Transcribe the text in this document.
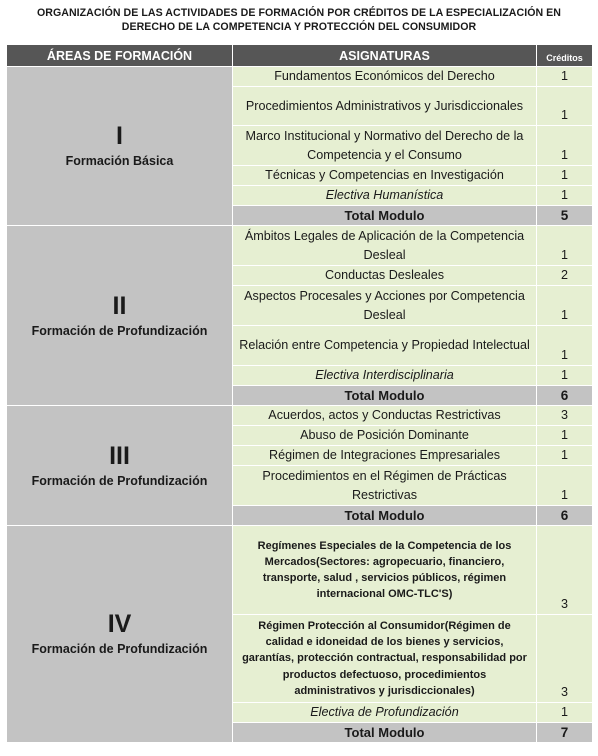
ORGANIZACIÓN DE LAS ACTIVIDADES DE FORMACIÓN POR CRÉDITOS DE LA ESPECIALIZACIÓN EN
DERECHO DE LA COMPETENCIA Y PROTECCIÓN DEL CONSUMIDOR
ÁREAS DE FORMACIÓN	ASIGNATURAS	Créditos

I
Formación Básica	Fundamentos Económicos del Derecho	1
	Procedimientos Administrativos y Jurisdiccionales	1
	Marco Institucional y Normativo del Derecho de la Competencia y el Consumo	1
	Técnicas y Competencias en Investigación	1
	Electiva Humanística	1
	Total Modulo	5

II
Formación de Profundización	Ámbitos Legales de Aplicación de la Competencia Desleal	1
	Conductas Desleales	2
	Aspectos Procesales y Acciones por Competencia Desleal	1
	Relación entre Competencia y Propiedad Intelectual	1
	Electiva Interdisciplinaria	1
	Total Modulo	6

III
Formación de Profundización	Acuerdos, actos y Conductas Restrictivas	3
	Abuso de Posición Dominante	1
	Régimen de Integraciones Empresariales	1
	Procedimientos en el Régimen de Prácticas Restrictivas	1
	Total Modulo	6

IV
Formación de Profundización	Regímenes Especiales de la Competencia de los Mercados(Sectores: agropecuario, financiero, transporte, salud , servicios públicos, régimen internacional OMC-TLC'S)	3
	Régimen Protección al Consumidor(Régimen de calidad e idoneidad de los bienes y servicios, garantías, protección contractual, responsabilidad por productos defectuoso, procedimientos administrativos y jurisdiccionales)	3
	Electiva de Profundización	1
	Total Modulo	7
